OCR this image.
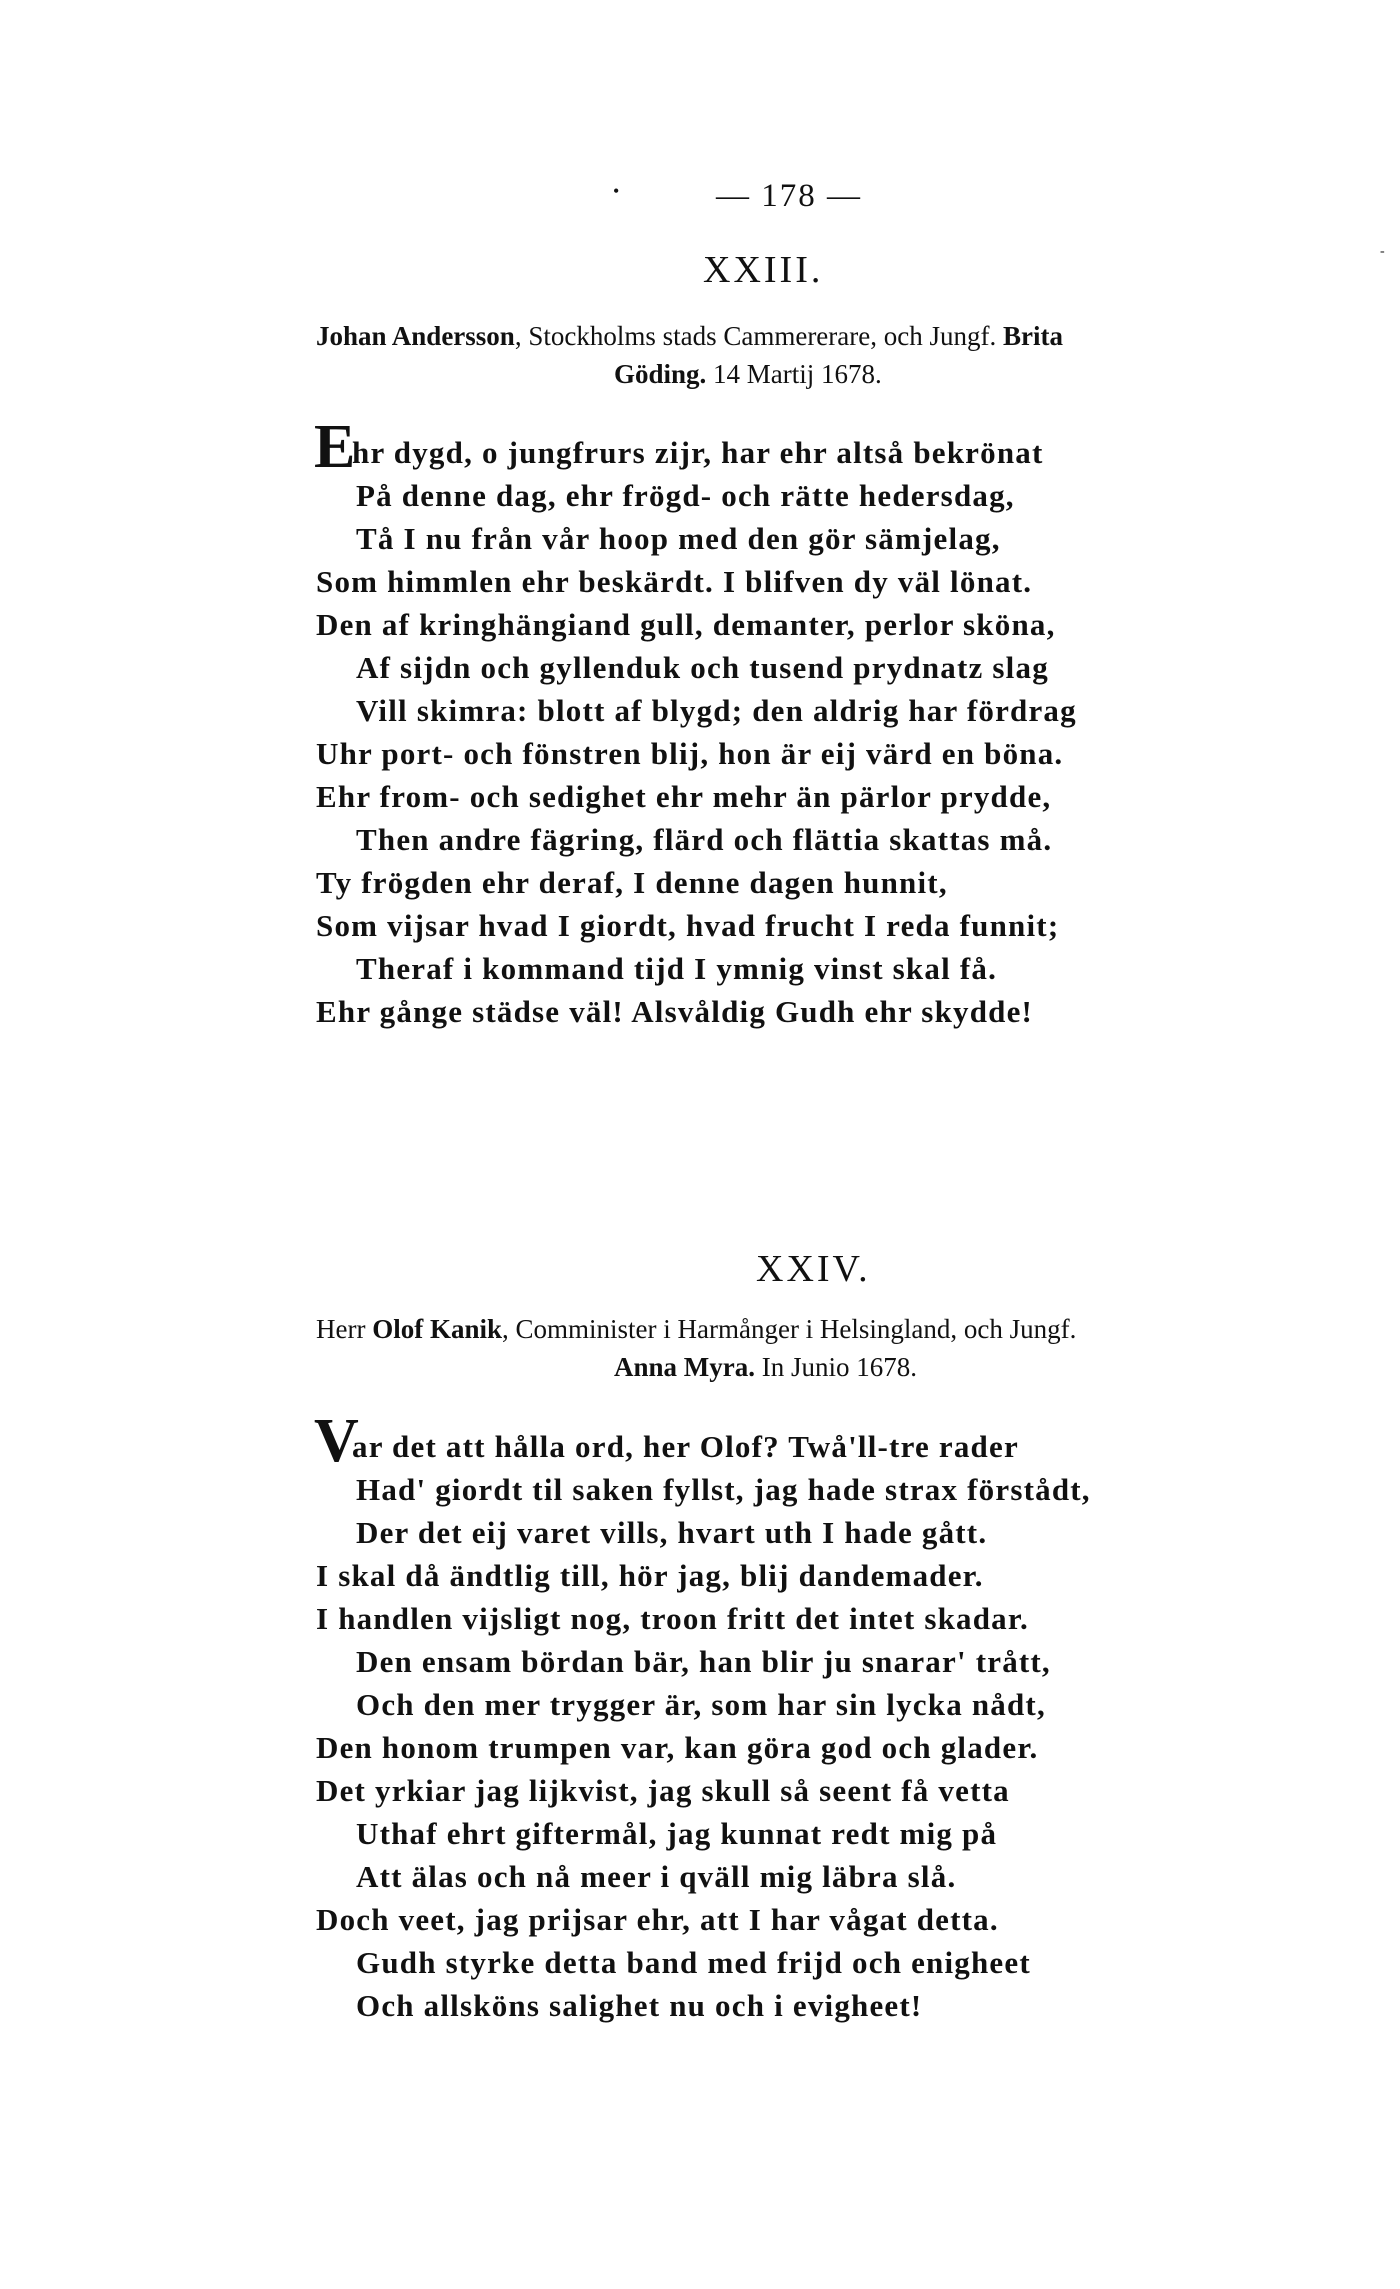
•
-
— 178 —
XXIII.
Johan Andersson, Stockholms stads Cammererare, och Jungf. Brita
Göding. 14 Martij 1678.
E
hr dygd, o jungfrurs zijr, har ehr altså bekrönat
På denne dag, ehr frögd- och rätte hedersdag,
Tå I nu från vår hoop med den gör sämjelag,
Som himmlen ehr beskärdt. I blifven dy väl lönat.
Den af kringhängiand gull, demanter, perlor sköna,
Af sijdn och gyllenduk och tusend prydnatz slag
Vill skimra: blott af blygd; den aldrig har fördrag
Uhr port- och fönstren blij, hon är eij värd en böna.
Ehr from- och sedighet ehr mehr än pärlor prydde,
Then andre fägring, flärd och flättia skattas må.
Ty frögden ehr deraf, I denne dagen hunnit,
Som vijsar hvad I giordt, hvad frucht I reda funnit;
Theraf i kommand tijd I ymnig vinst skal få.
Ehr gånge städse väl! Alsvåldig Gudh ehr skydde!
XXIV.
Herr Olof Kanik, Comminister i Harmånger i Helsingland, och Jungf.
Anna Myra. In Junio 1678.
V
ar det att hålla ord, her Olof? Twå'll-tre rader
Had' giordt til saken fyllst, jag hade strax förstådt,
Der det eij varet vills, hvart uth I hade gått.
I skal då ändtlig till, hör jag, blij dandemader.
I handlen vijsligt nog, troon fritt det intet skadar.
Den ensam bördan bär, han blir ju snarar' trått,
Och den mer trygger är, som har sin lycka nådt,
Den honom trumpen var, kan göra god och glader.
Det yrkiar jag lijkvist, jag skull så seent få vetta
Uthaf ehrt giftermål, jag kunnat redt mig på
Att älas och nå meer i qväll mig läbra slå.
Doch veet, jag prijsar ehr, att I har vågat detta.
Gudh styrke detta band med frijd och enigheet
Och allsköns salighet nu och i evigheet!
